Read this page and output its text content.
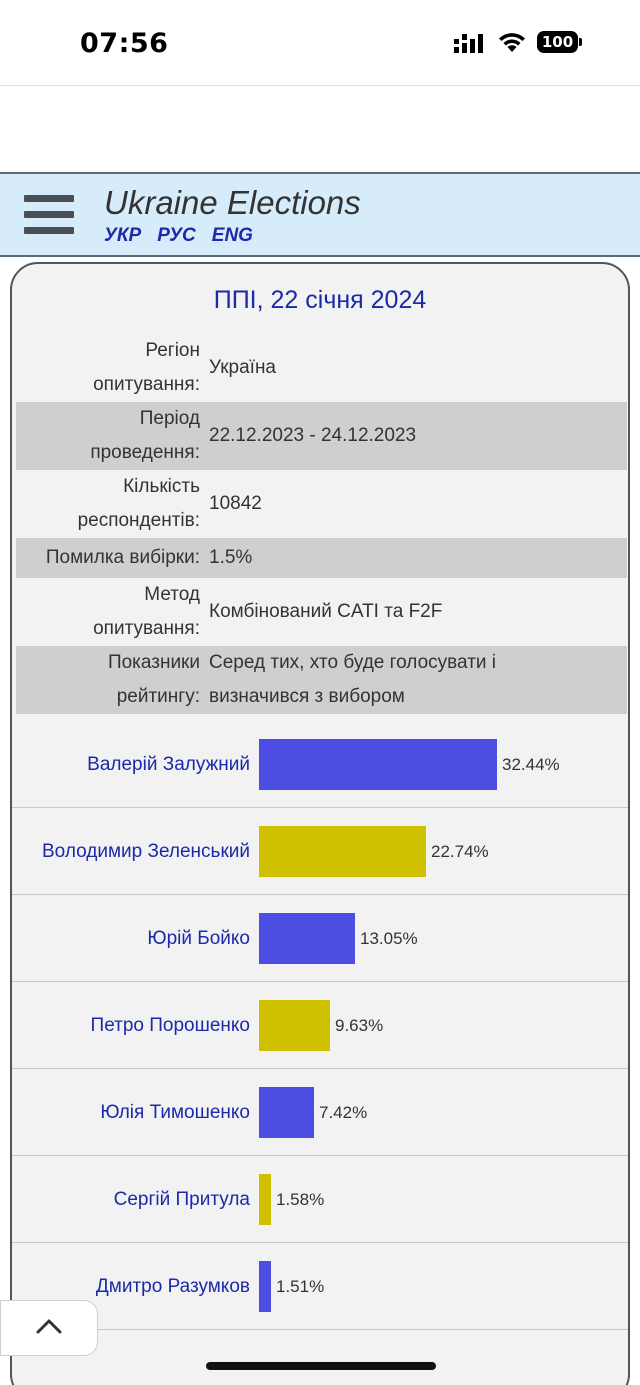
07:56	100
Ukraine Elections
УКР РУС ENG
ППІ, 22 січня 2024
Регіон
опитування:
Україна
Період
проведення:
22.12.2023 - 24.12.2023
Кількість
респондентів:
10842
Помилка вибірки: 1.5%
Метод
опитування:
Комбінований CATI та F2F
Показники
рейтингу:
Серед тих, хто буде голосувати і
визначився з вибором
Валерій Залужний	32.44%
Володимир Зеленський	22.74%
Юрій Бойко	13.05%
Петро Порошенко	9.63%
Юлія Тимошенко	7.42%
Сергій Притула 1.58%
Дмитро Разумков 1.51%
